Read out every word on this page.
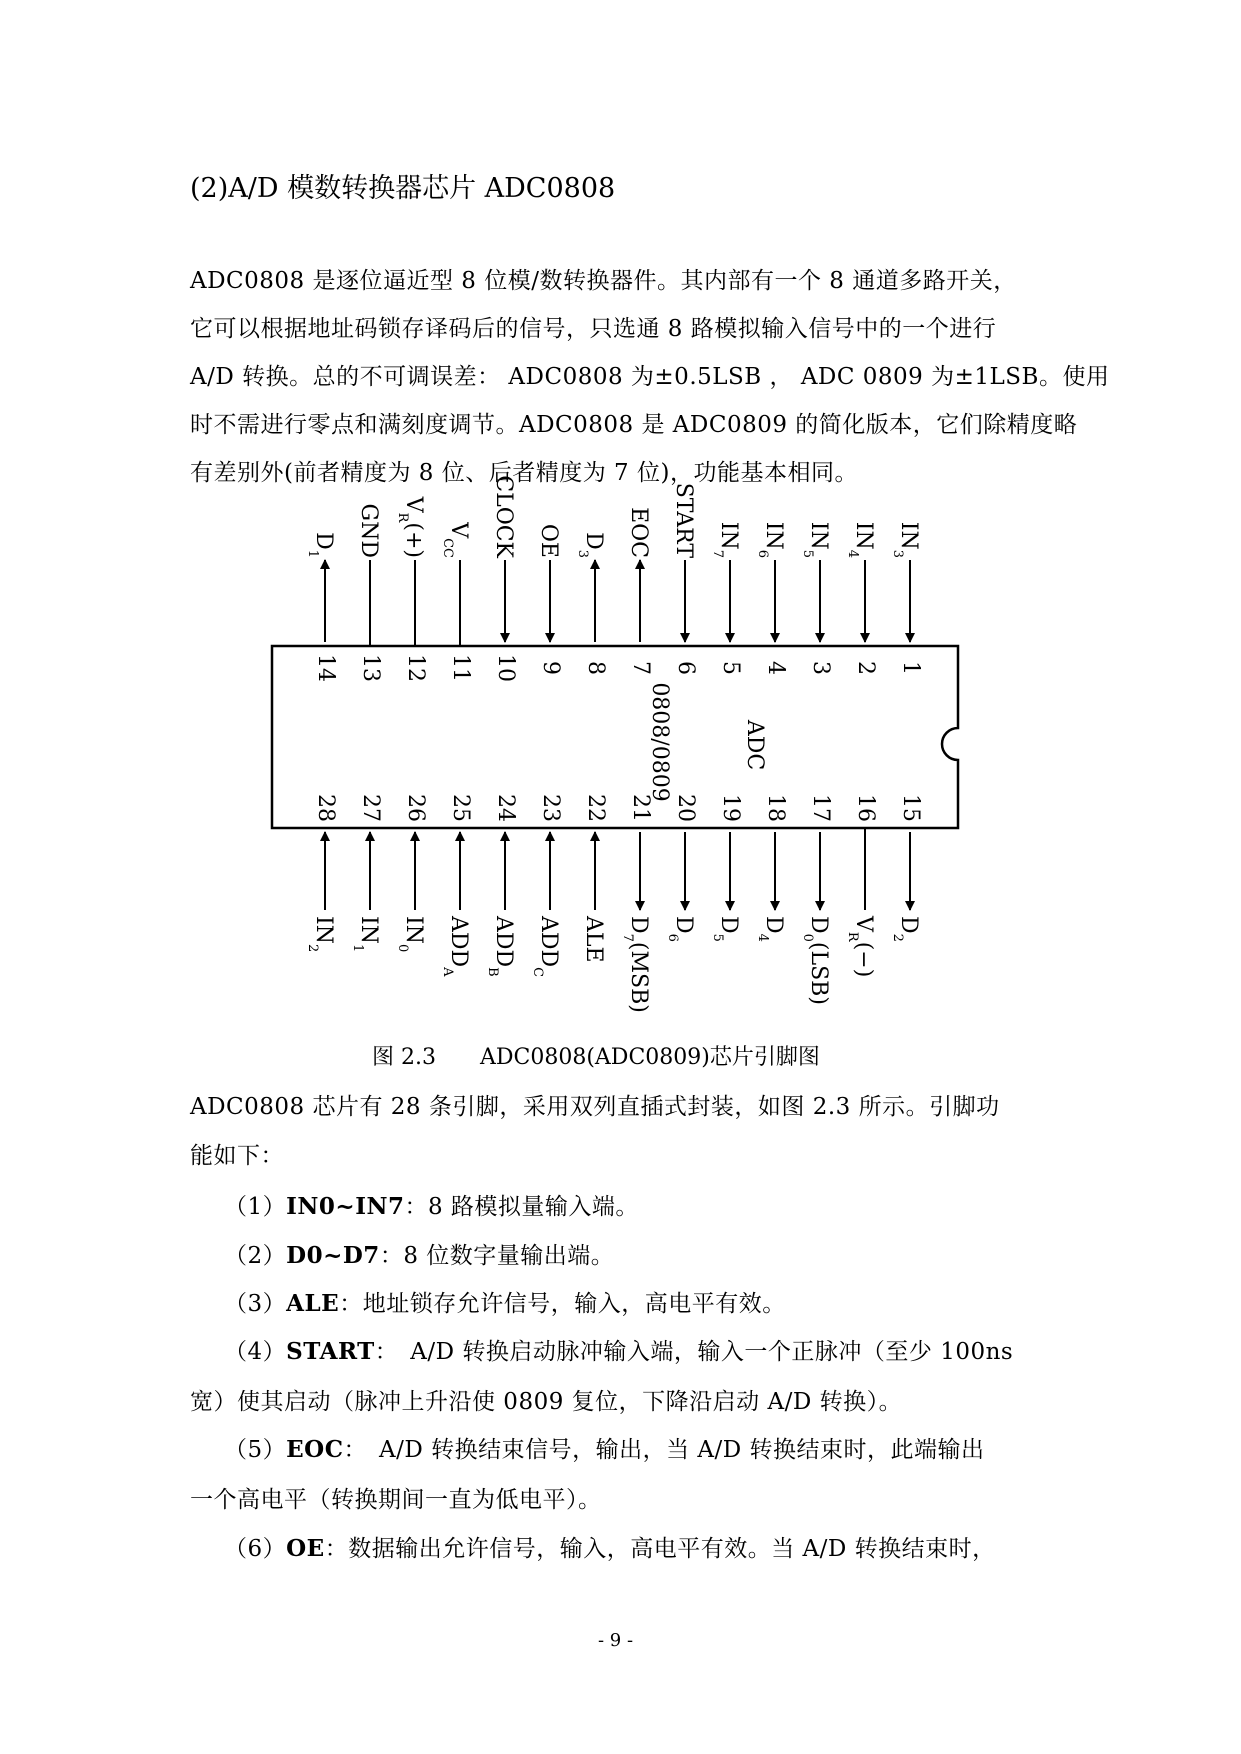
(2)A/D 模数转换器芯片 ADC0808
ADC0808 是逐位逼近型 8 位模/数转换器件。其内部有一个 8 通道多路开关，
它可以根据地址码锁存译码后的信号，只选通 8 路模拟输入信号中的一个进行
A/D 转换。总的不可调误差： ADC0808 为±0.5LSB ， ADC 0809 为±1LSB。使用
时不需进行零点和满刻度调节。ADC0808 是 ADC0809 的简化版本，它们除精度略
有差别外(前者精度为 8 位、后者精度为 7 位)，功能基本相同。
ADC
0808/0809
1
$IN_3$
2
$IN_4$
3
$IN_5$
4
$IN_6$
5
$IN_7$
6
START
7
EOC
8
$D_3$
9
OE
10
CLOCK
11
$V_{CC}$
12
$V_R(+)$
13
GND
14
$D_1$
15
$D_2$
16
$V_R(-)$
17
$D_0(LSB)$
18
$D_4$
19
$D_5$
20
$D_6$
21
$D_7(MSB)$
22
ALE
23
$ADD_C$
24
$ADD_B$
25
$ADD_A$
26
$IN_0$
27
$IN_1$
28
$IN_2$
图 2.3　　ADC0808(ADC0809)芯片引脚图
ADC0808 芯片有 28 条引脚，采用双列直插式封装，如图 2.3 所示。引脚功
能如下：
（1）IN0~IN7：8 路模拟量输入端。
（2）D0~D7：8 位数字量输出端。
（3）ALE：地址锁存允许信号，输入，高电平有效。
（4）START：　A/D 转换启动脉冲输入端，输入一个正脉冲（至少 100ns
宽）使其启动（脉冲上升沿使 0809 复位，下降沿启动 A/D 转换）。
（5）EOC：　A/D 转换结束信号，输出，当 A/D 转换结束时，此端输出
一个高电平（转换期间一直为低电平）。
（6）OE：数据输出允许信号，输入，高电平有效。当 A/D 转换结束时，
- 9 -
